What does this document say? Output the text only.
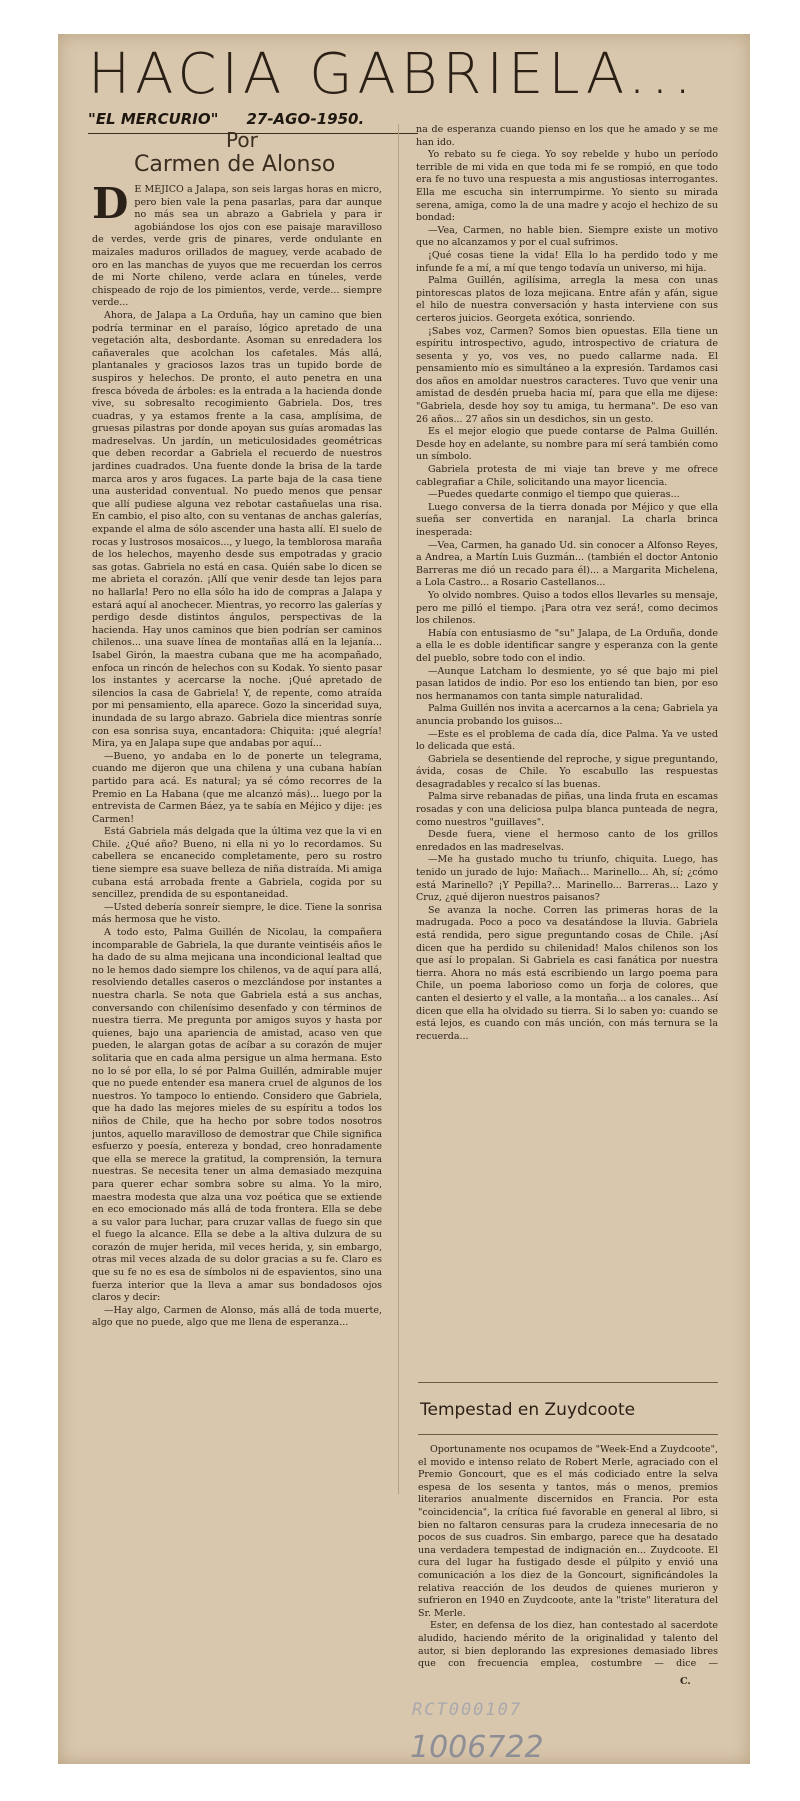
HACIA GABRIELA...
"EL MERCURIO" 27-AGO-1950.
Por
Carmen de Alonso

D E MÉJICO a Jalapa, son seis largas horas en micro, pero bien vale la pena pasarlas, para dar aunque no más sea un abrazo a Gabriela y para ir agobiándose los ojos con ese paisaje maravilloso de verdes, verde gris de pinares, verde ondulante en maizales maduros orillados de maguey, verde acabado de oro en las manchas de yuyos que me recuerdan los cerros de mi Norte chileno, verde aclara en túneles, verde chispeado de rojo de los pimientos, verde, verde... siempre verde...

Ahora, de Jalapa a La Orduña, hay un camino que bien podría terminar en el paraíso, lógico apretado de una vegetación alta, desbordante. Asoman su enredadera los cañaverales que acolchan los cafetales. Más allá, plantanales y graciosos lazos tras un tupido borde de suspiros y helechos. De pronto, el auto penetra en una fresca bóveda de árboles: es la entrada a la hacienda donde vive, su sobresalto recogimiento Gabriela. Dos, tres cuadras, y ya estamos frente a la casa, amplísima, de gruesas pilastras por donde apoyan sus guías aromadas las madreselvas. Un jardín, un meticulosidades geométricas que deben recordar a Gabriela el recuerdo de nuestros jardines cuadrados. Una fuente donde la brisa de la tarde marca aros y aros fugaces. La parte baja de la casa tiene una austeridad conventual. No puedo menos que pensar que allí pudiese alguna vez rebotar castañuelas una risa. En cambio, el piso alto, con su ventanas de anchas galerías, expande el alma de sólo ascender una hasta allí. El suelo de rocas y lustrosos mosaicos..., y luego, la temblorosa maraña de los helechos, mayenho desde sus empotradas y gracio sas gotas. Gabriela no está en casa. Quién sabe lo dicen se me abrieta el corazón. ¡Allí que venir desde tan lejos para no hallarla! Pero no ella sólo ha ido de compras a Jalapa y estará aquí al anochecer. Mientras, yo recorro las galerías y perdigo desde distintos ángulos, perspectivas de la hacienda. Hay unos caminos que bien podrían ser caminos chilenos... una suave línea de montañas allá en la lejanía... Isabel Girón, la maestra cubana que me ha acompañado, enfoca un rincón de helechos con su Kodak. Yo siento pasar los instantes y acercarse la noche. ¡Qué apretado de silencios la casa de Gabriela! Y, de repente, como atraída por mi pensamiento, ella aparece. Gozo la sinceridad suya, inundada de su largo abrazo. Gabriela dice mientras sonríe con esa sonrisa suya, encantadora: Chiquita: ¡qué alegría! Mira, ya en Jalapa supe que andabas por aquí...

—Bueno, yo andaba en lo de ponerte un telegrama, cuando me dijeron que una chilena y una cubana habían partido para acá. Es natural; ya sé cómo recorres de la Premio en La Habana (que me alcanzó más)... luego por la entrevista de Carmen Báez, ya te sabía en Méjico y dije: ¡es Carmen!

Está Gabriela más delgada que la última vez que la vi en Chile. ¿Qué año? Bueno, ni ella ni yo lo recordamos. Su cabellera se encanecido completamente, pero su rostro tiene siempre esa suave belleza de niña distraída. Mi amiga cubana está arrobada frente a Gabriela, cogida por su sencillez, prendida de su espontaneidad.

—Usted debería sonreír siempre, le dice. Tiene la sonrisa más hermosa que he visto.

A todo esto, Palma Guillén de Nicolau, la compañera incomparable de Gabriela, la que durante veintiséis años le ha dado de su alma mejicana una incondicional lealtad que no le hemos dado siempre los chilenos, va de aquí para allá, resolviendo detalles caseros o mezclándose por instantes a nuestra charla. Se nota que Gabriela está a sus anchas, conversando con chilenísimo desenfado y con términos de nuestra tierra. Me pregunta por amigos suyos y hasta por quienes, bajo una apariencia de amistad, acaso ven que pueden, le alargan gotas de acíbar a su corazón de mujer solitaria que en cada alma persigue un alma hermana. Esto no lo sé por ella, lo sé por Palma Guillén, admirable mujer que no puede entender esa manera cruel de algunos de los nuestros. Yo tampoco lo entiendo. Considero que Gabriela, que ha dado las mejores mieles de su espíritu a todos los niños de Chile, que ha hecho por sobre todos nosotros juntos, aquello maravilloso de demostrar que Chile significa esfuerzo y poesía, entereza y bondad, creo honradamente que ella se merece la gratitud, la comprensión, la ternura nuestras. Se necesita tener un alma demasiado mezquina para querer echar sombra sobre su alma. Yo la miro, maestra modesta que alza una voz poética que se extiende en eco emocionado más allá de toda frontera. Ella se debe a su valor para luchar, para cruzar vallas de fuego sin que el fuego la alcance. Ella se debe a la altiva dulzura de su corazón de mujer herida, mil veces herida, y, sin embargo, otras mil veces alzada de su dolor gracias a su fe. Claro es que su fe no es esa de símbolos ni de espavientos, sino una fuerza interior que la lleva a amar sus bondadosos ojos claros y decir:

—Hay algo, Carmen de Alonso, más allá de toda muerte, algo que no puede, algo que me llena de esperanza...

na de esperanza cuando pienso en los que he amado y se me han ido.

Yo rebato su fe ciega. Yo soy rebelde y hubo un período terrible de mi vida en que toda mi fe se rompió, en que todo era fe no tuvo una respuesta a mis angustiosas interrogantes. Ella me escucha sin interrumpirme. Yo siento su mirada serena, amiga, como la de una madre y acojo el hechizo de su bondad:

—Vea, Carmen, no hable bien. Siempre existe un motivo que no alcanzamos y por el cual sufrimos.

¡Qué cosas tiene la vida! Ella lo ha perdido todo y me infunde fe a mí, a mí que tengo todavía un universo, mi hija.

Palma Guillén, agilísima, arregla la mesa con unas pintorescas platos de loza mejicana. Entre afán y afán, sigue el hilo de nuestra conversación y hasta interviene con sus certeros juicios. Georgeta exótica, sonriendo.

¡Sabes voz, Carmen? Somos bien opuestas. Ella tiene un espíritu introspectivo, agudo, introspectivo de criatura de sesenta y yo, vos ves, no puedo callarme nada. El pensamiento mío es simultáneo a la expresión. Tardamos casi dos años en amoldar nuestros caracteres. Tuvo que venir una amistad de desdén prueba hacia mí, para que ella me dijese: "Gabriela, desde hoy soy tu amiga, tu hermana". De eso van 26 años... 27 años sin un desdichos, sin un gesto.

Es el mejor elogio que puede contarse de Palma Guillén. Desde hoy en adelante, su nombre para mí será también como un símbolo.

Gabriela protesta de mi viaje tan breve y me ofrece cablegrafiar a Chile, solicitando una mayor licencia.

—Puedes quedarte conmigo el tiempo que quieras...

Luego conversa de la tierra donada por Méjico y que ella sueña ser convertida en naranjal. La charla brinca inesperada:

—Vea, Carmen, ha ganado Ud. sin conocer a Alfonso Reyes, a Andrea, a Martín Luis Guzmán... (también el doctor Antonio Barreras me dió un recado para él)... a Margarita Michelena, a Lola Castro... a Rosario Castellanos...

Yo olvido nombres. Quiso a todos ellos llevarles su mensaje, pero me pilló el tiempo. ¡Para otra vez será!, como decimos los chilenos.

Había con entusiasmo de "su" Jalapa, de La Orduña, donde a ella le es doble identificar sangre y esperanza con la gente del pueblo, sobre todo con el indio.

—Aunque Latcham lo desmiente, yo sé que bajo mi piel pasan latidos de indio. Por eso los entiendo tan bien, por eso nos hermanamos con tanta simple naturalidad.

Palma Guillén nos invita a acercarnos a la cena; Gabriela ya anuncia probando los guisos...

—Este es el problema de cada día, dice Palma. Ya ve usted lo delicada que está.

Gabriela se desentiende del reproche, y sigue preguntando, ávida, cosas de Chile. Yo escabullo las respuestas desagradables y recalco sí las buenas.

Palma sirve rebanadas de piñas, una linda fruta en escamas rosadas y con una deliciosa pulpa blanca punteada de negra, como nuestros "guillaves".

Desde fuera, viene el hermoso canto de los grillos enredados en las madreselvas.

—Me ha gustado mucho tu triunfo, chiquita. Luego, has tenido un jurado de lujo: Mañach... Marinello... Ah, sí; ¿cómo está Marinello? ¡Y Pepilla?... Marinello... Barreras... Lazo y Cruz, ¿qué dijeron nuestros paisanos?

Se avanza la noche. Corren las primeras horas de la madrugada. Poco a poco va desatándose la lluvia. Gabriela está rendida, pero sigue preguntando cosas de Chile. ¡Así dicen que ha perdido su chilenidad! Malos chilenos son los que así lo propalan. Si Gabriela es casi fanática por nuestra tierra. Ahora no más está escribiendo un largo poema para Chile, un poema laborioso como un forja de colores, que canten el desierto y el valle, a la montaña... a los canales... Así dicen que ella ha olvidado su tierra. Si lo saben yo: cuando se está lejos, es cuando con más unción, con más ternura se la recuerda...

Tempestad en Zuydcoote

Oportunamente nos ocupamos de "Week-End a Zuydcoote", el movido e intenso relato de Robert Merle, agraciado con el Premio Goncourt, que es el más codiciado entre la selva espesa de los sesenta y tantos, más o menos, premios literarios anualmente discernidos en Francia. Por esta "coincidencia", la crítica fué favorable en general al libro, si bien no faltaron censuras para la crudeza innecesaria de no pocos de sus cuadros. Sin embargo, parece que ha desatado una verdadera tempestad de indignación en... Zuydcoote. El cura del lugar ha fustigado desde el púlpito y envió una comunicación a los diez de la Goncourt, significándoles la relativa reacción de los deudos de quienes murieron y sufrieron en 1940 en Zuydcoote, ante la "triste" literatura del Sr. Merle.

Ester, en defensa de los diez, han contestado al sacerdote aludido, haciendo mérito de la originalidad y talento del autor, si bien deplorando las expresiones demasiado libres que con frecuencia emplea, costumbre — dice —

C.
RCT000107
1006722
